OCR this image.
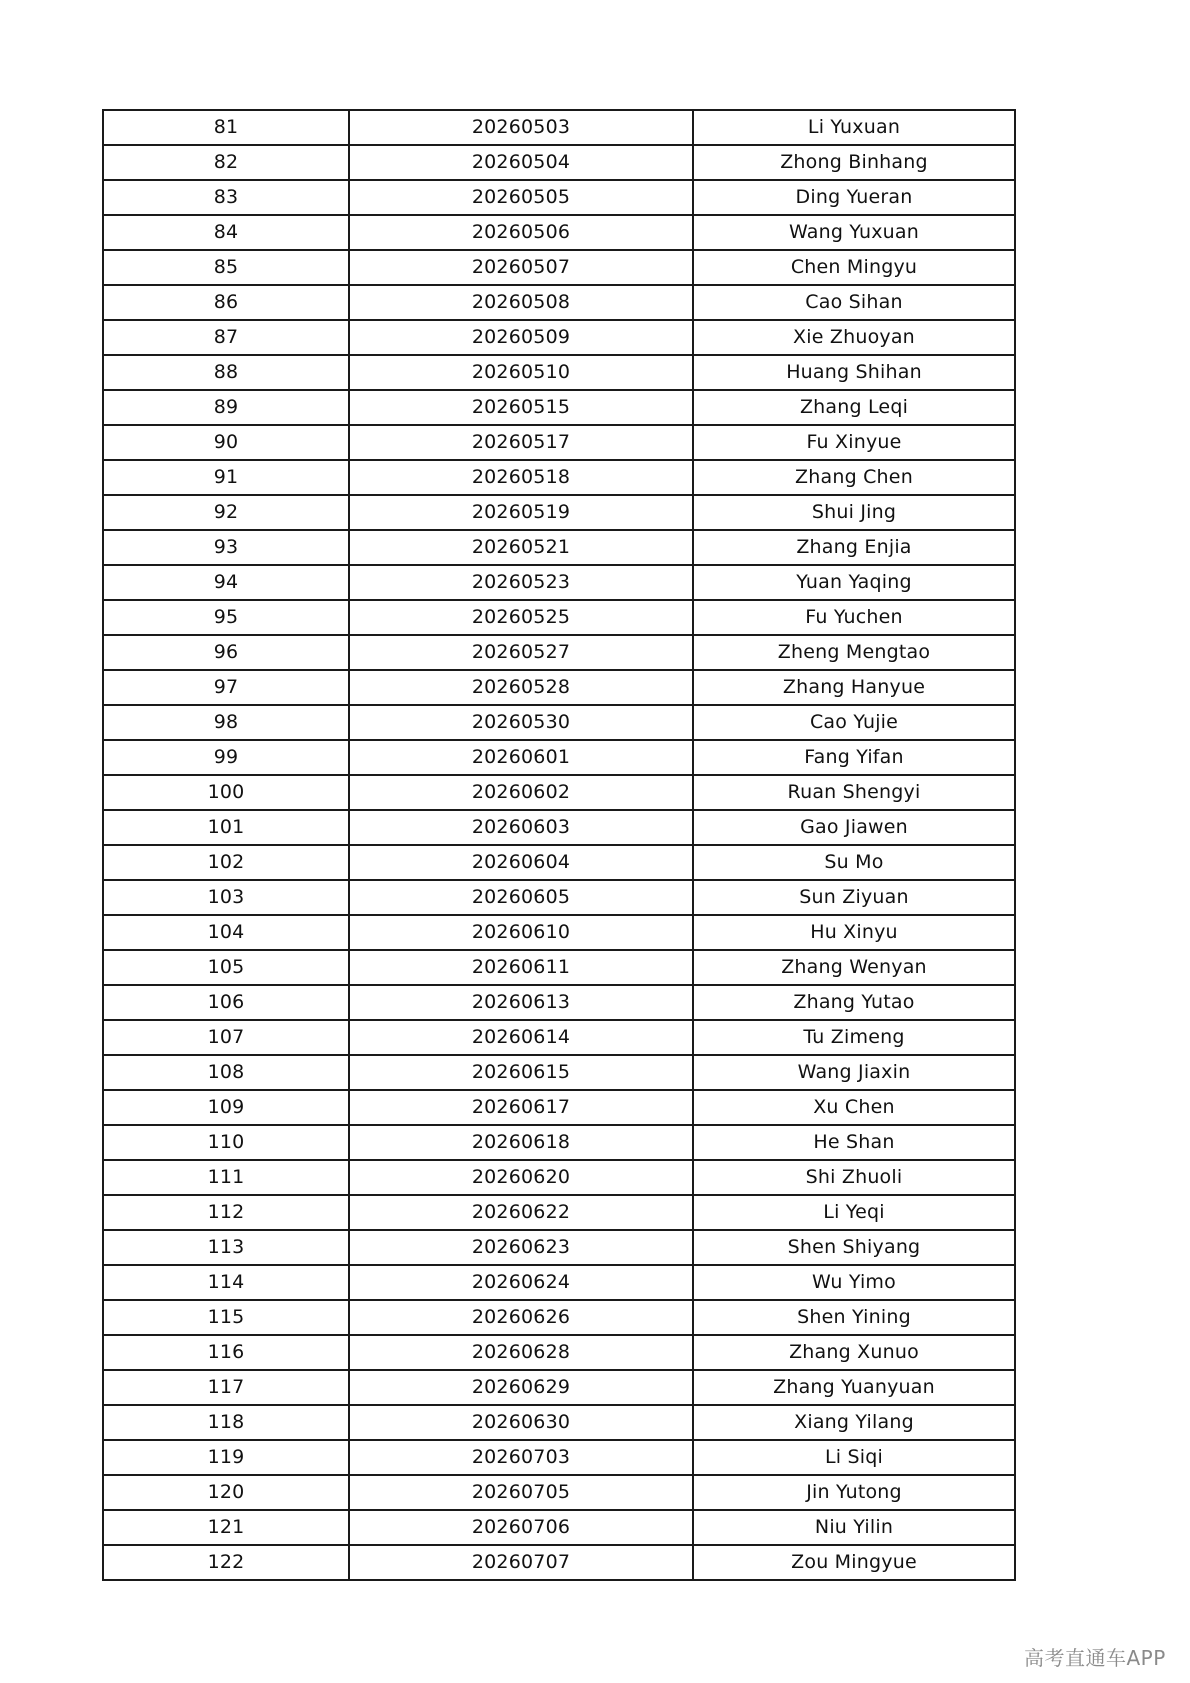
81	20260503	Li Yuxuan
82	20260504	Zhong Binhang
83	20260505	Ding Yueran
84	20260506	Wang Yuxuan
85	20260507	Chen Mingyu
86	20260508	Cao Sihan
87	20260509	Xie Zhuoyan
88	20260510	Huang Shihan
89	20260515	Zhang Leqi
90	20260517	Fu Xinyue
91	20260518	Zhang Chen
92	20260519	Shui Jing
93	20260521	Zhang Enjia
94	20260523	Yuan Yaqing
95	20260525	Fu Yuchen
96	20260527	Zheng Mengtao
97	20260528	Zhang Hanyue
98	20260530	Cao Yujie
99	20260601	Fang Yifan
100	20260602	Ruan Shengyi
101	20260603	Gao Jiawen
102	20260604	Su Mo
103	20260605	Sun Ziyuan
104	20260610	Hu Xinyu
105	20260611	Zhang Wenyan
106	20260613	Zhang Yutao
107	20260614	Tu Zimeng
108	20260615	Wang Jiaxin
109	20260617	Xu Chen
110	20260618	He Shan
111	20260620	Shi Zhuoli
112	20260622	Li Yeqi
113	20260623	Shen Shiyang
114	20260624	Wu Yimo
115	20260626	Shen Yining
116	20260628	Zhang Xunuo
117	20260629	Zhang Yuanyuan
118	20260630	Xiang Yilang
119	20260703	Li Siqi
120	20260705	Jin Yutong
121	20260706	Niu Yilin
122	20260707	Zou Mingyue
高考直通车APP
